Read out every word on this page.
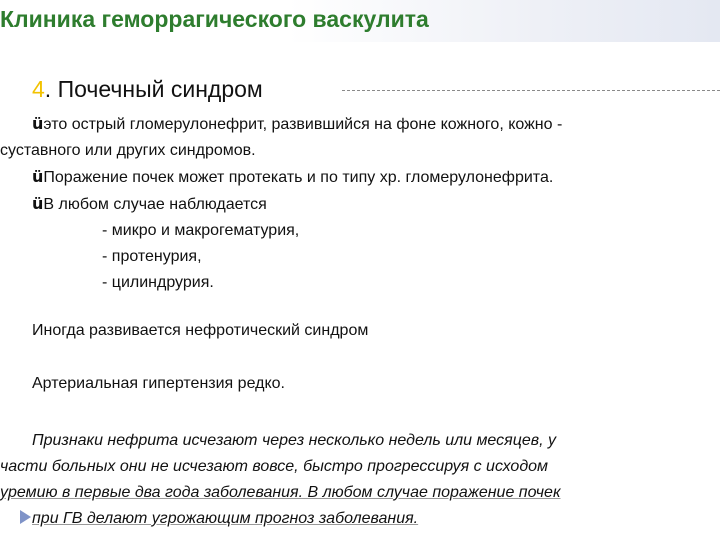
Клиника геморрагического васкулита
4. Почечный синдром

üэто острый гломерулонефрит, развившийся на фоне кожного, кожно -

суставного или других синдромов.

üПоражение почек может протекать и по типу хр. гломерулонефрита.

üВ любом случае наблюдается

- микро и макрогематурия,

- протенурия,

- цилиндрурия.

Иногда развивается нефротический синдром

Артериальная гипертензия редко.

Признаки нефрита исчезают через несколько недель или месяцев, у
части больных они не исчезают вовсе, быстро прогрессируя с исходом
уремию в первые два года заболевания. В любом случае поражение почек
при ГВ делают угрожающим прогноз заболевания.
